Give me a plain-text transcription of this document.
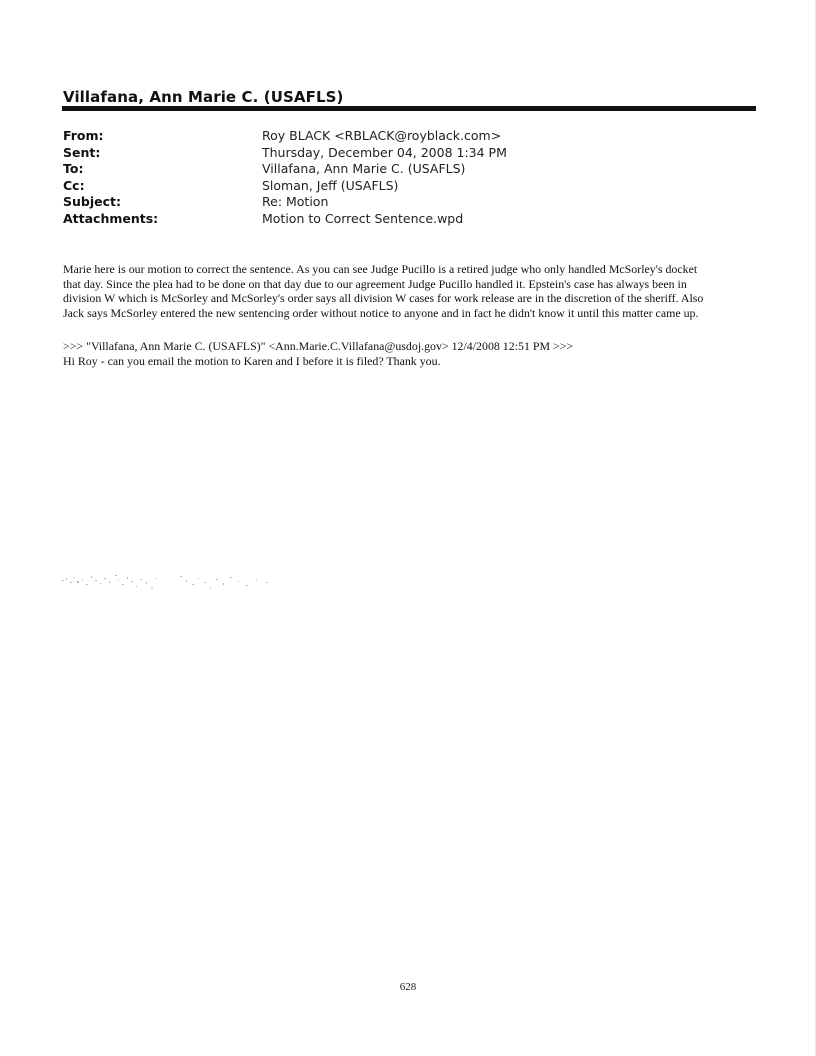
Villafana, Ann Marie C. (USAFLS)
From:	Roy BLACK <RBLACK@royblack.com>
Sent:	Thursday, December 04, 2008 1:34 PM
To:	Villafana, Ann Marie C. (USAFLS)
Cc:	Sloman, Jeff (USAFLS)
Subject:	Re: Motion
Attachments:	Motion to Correct Sentence.wpd

Marie here is our motion to correct the sentence. As you can see Judge Pucillo is a retired judge who only handled McSorley's docket

that day. Since the plea had to be done on that day due to our agreement Judge Pucillo handled it. Epstein's case has always been in

division W which is McSorley and McSorley's order says all division W cases for work release are in the discretion of the sheriff. Also

Jack says McSorley entered the new sentencing order without notice to anyone and in fact he didn't know it until this matter came up.

>>> "Villafana, Ann Marie C. (USAFLS)" <Ann.Marie.C.Villafana@usdoj.gov> 12/4/2008 12:51 PM >>>

Hi Roy - can you email the motion to Karen and I before it is filed? Thank you.

628
